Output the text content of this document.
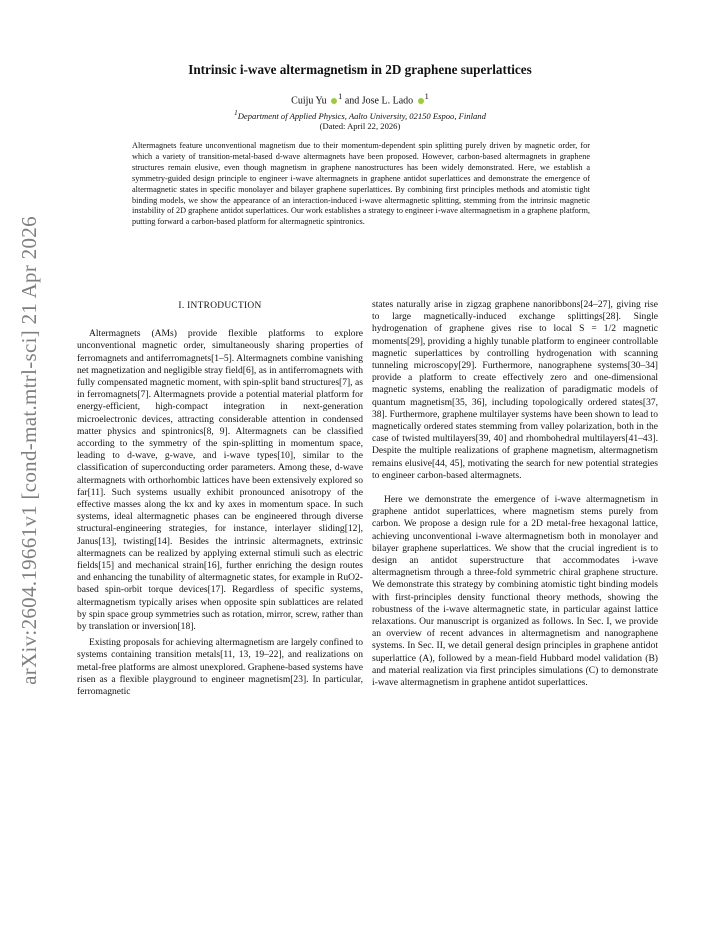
arXiv:2604.19661v1 [cond-mat.mtrl-sci] 21 Apr 2026
Intrinsic i-wave altermagnetism in 2D graphene superlattices
Cuiju Yu $^1$ and Jose L. Lado $^1$
$^1$Department of Applied Physics, Aalto University, 02150 Espoo, Finland
(Dated: April 22, 2026)

Altermagnets feature unconventional magnetism due to their momentum-dependent spin splitting purely driven by magnetic order, for which a variety of transition-metal-based d-wave altermagnets have been proposed. However, carbon-based altermagnets in graphene structures remain elusive, even though magnetism in graphene nanostructures has been widely demonstrated. Here, we establish a symmetry-guided design principle to engineer i-wave altermagnets in graphene antidot superlattices and demonstrate the emergence of altermagnetic states in specific monolayer and bilayer graphene superlattices. By combining first principles methods and atomistic tight binding models, we show the appearance of an interaction-induced i-wave altermagnetic splitting, stemming from the intrinsic magnetic instability of 2D graphene antidot superlattices. Our work establishes a strategy to engineer i-wave altermagnetism in a graphene platform, putting forward a carbon-based platform for altermagnetic spintronics.

I. INTRODUCTION

Altermagnets (AMs) provide flexible platforms to explore unconventional magnetic order, simultaneously sharing properties of ferromagnets and antiferromagnets[1–5]. Altermagnets combine vanishing net magnetization and negligible stray field[6], as in antiferromagnets with fully compensated magnetic moment, with spin-split band structures[7], as in ferromagnets[7]. Altermagnets provide a potential material platform for energy-efficient, high-compact integration in next-generation microelectronic devices, attracting considerable attention in condensed matter physics and spintronics[8, 9]. Altermagnets can be classified according to the symmetry of the spin-splitting in momentum space, leading to d-wave, g-wave, and i-wave types[10], similar to the classification of superconducting order parameters. Among these, d-wave altermagnets with orthorhombic lattices have been extensively explored so far[11]. Such systems usually exhibit pronounced anisotropy of the effective masses along the kx and ky axes in momentum space. In such systems, ideal altermagnetic phases can be engineered through diverse structural-engineering strategies, for instance, interlayer sliding[12], Janus[13], twisting[14]. Besides the intrinsic altermagnets, extrinsic altermagnets can be realized by applying external stimuli such as electric fields[15] and mechanical strain[16], further enriching the design routes and enhancing the tunability of altermagnetic states, for example in RuO2-based spin-orbit torque devices[17]. Regardless of specific systems, altermagnetism typically arises when opposite spin sublattices are related by spin space group symmetries such as rotation, mirror, screw, rather than by translation or inversion[18].

Existing proposals for achieving altermagnetism are largely confined to systems containing transition metals[11, 13, 19–22], and realizations on metal-free platforms are almost unexplored. Graphene-based systems have risen as a flexible playground to engineer magnetism[23]. In particular, ferromagnetic

states naturally arise in zigzag graphene nanoribbons[24–27], giving rise to large magnetically-induced exchange splittings[28]. Single hydrogenation of graphene gives rise to local S = 1/2 magnetic moments[29], providing a highly tunable platform to engineer controllable magnetic superlattices by controlling hydrogenation with scanning tunneling microscopy[29]. Furthermore, nanographene systems[30–34] provide a platform to create effectively zero and one-dimensional magnetic systems, enabling the realization of paradigmatic models of quantum magnetism[35, 36], including topologically ordered states[37, 38]. Furthermore, graphene multilayer systems have been shown to lead to magnetically ordered states stemming from valley polarization, both in the case of twisted multilayers[39, 40] and rhombohedral multilayers[41–43]. Despite the multiple realizations of graphene magnetism, altermagnetism remains elusive[44, 45], motivating the search for new potential strategies to engineer carbon-based altermagnets.

Here we demonstrate the emergence of i-wave altermagnetism in graphene antidot superlattices, where magnetism stems purely from carbon. We propose a design rule for a 2D metal-free hexagonal lattice, achieving unconventional i-wave altermagnetism both in monolayer and bilayer graphene superlattices. We show that the crucial ingredient is to design an antidot superstructure that accommodates i-wave altermagnetism through a three-fold symmetric chiral graphene structure. We demonstrate this strategy by combining atomistic tight binding models with first-principles density functional theory methods, showing the robustness of the i-wave altermagnetic state, in particular against lattice relaxations. Our manuscript is organized as follows. In Sec. I, we provide an overview of recent advances in altermagnetism and nanographene systems. In Sec. II, we detail general design principles in graphene antidot superlattice (A), followed by a mean-field Hubbard model validation (B) and material realization via first principles simulations (C) to demonstrate i-wave altermagnetism in graphene antidot superlattices.
